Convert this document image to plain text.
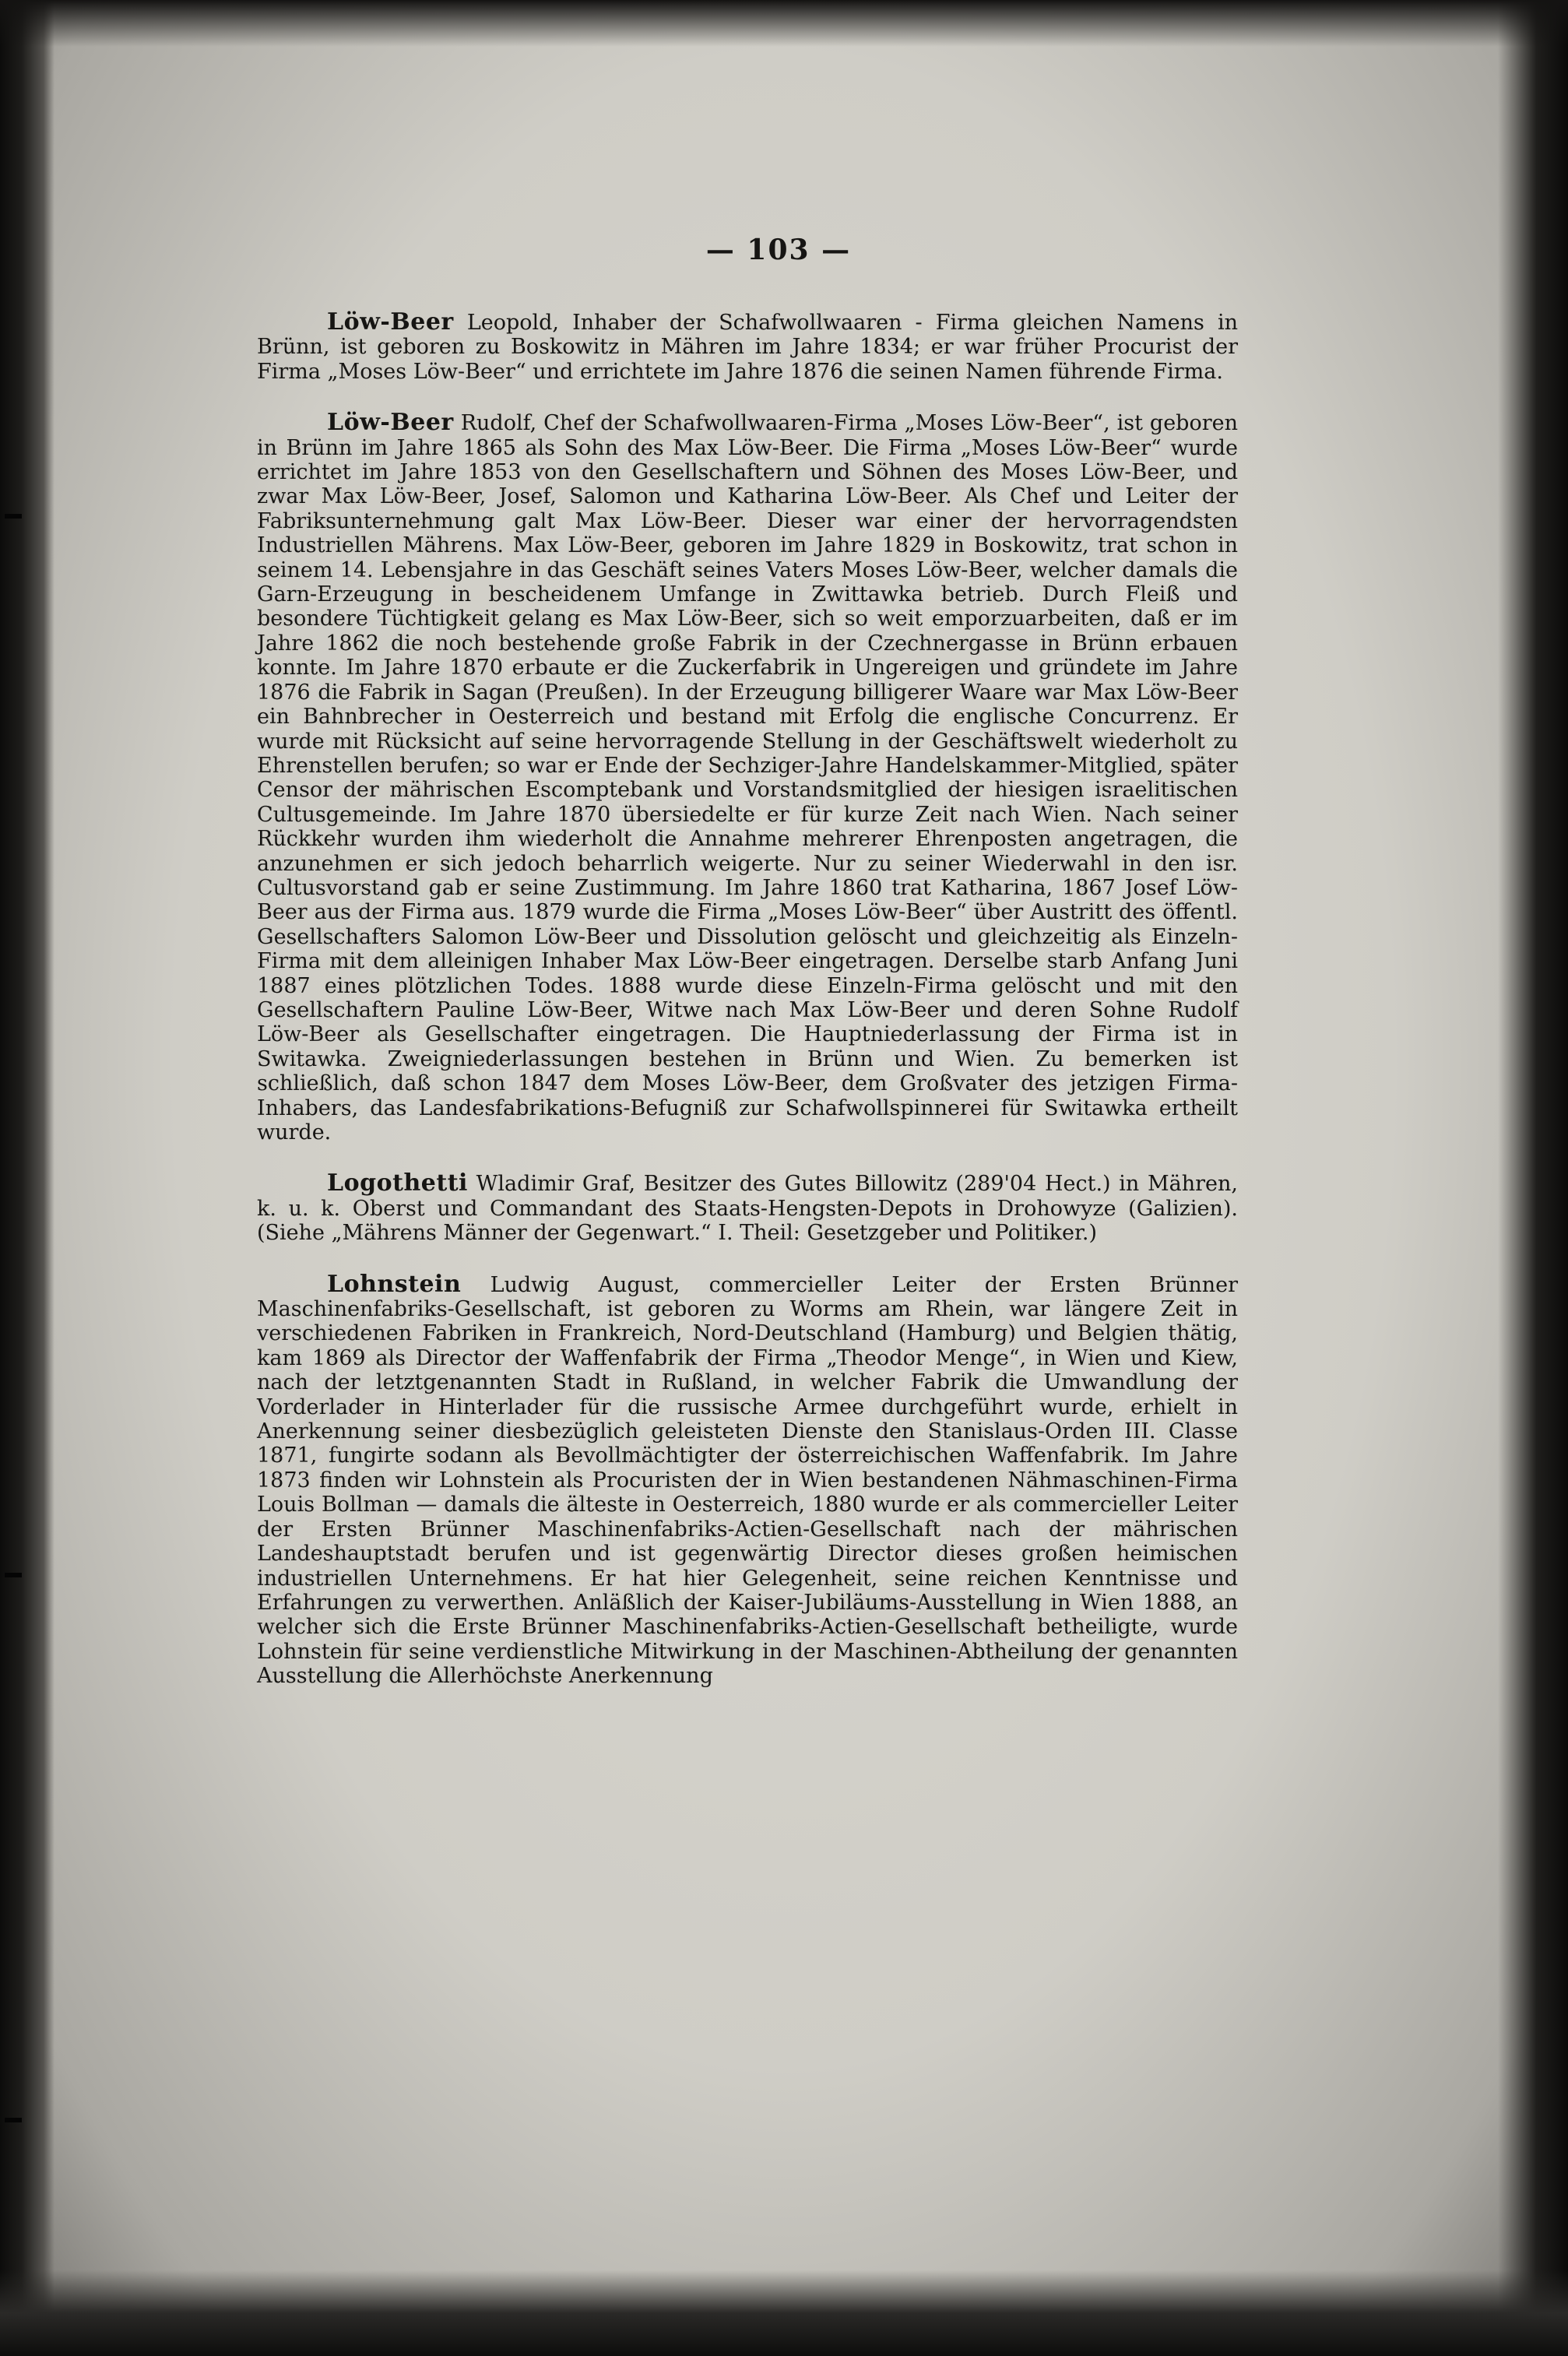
— 103 —

Löw-Beer Leopold, Inhaber der Schafwollwaaren - Firma gleichen Namens in Brünn, ist geboren zu Boskowitz in Mähren im Jahre 1834; er war früher Procurist der Firma „Moses Löw-Beer“ und errichtete im Jahre 1876 die seinen Namen führende Firma.

Löw-Beer Rudolf, Chef der Schafwollwaaren-Firma „Moses Löw-Beer“, ist geboren in Brünn im Jahre 1865 als Sohn des Max Löw-Beer. Die Firma „Moses Löw-Beer“ wurde errichtet im Jahre 1853 von den Gesellschaftern und Söhnen des Moses Löw-Beer, und zwar Max Löw-Beer, Josef, Salomon und Katharina Löw-Beer. Als Chef und Leiter der Fabriksunternehmung galt Max Löw-Beer. Dieser war einer der hervorragendsten Industriellen Mährens. Max Löw-Beer, geboren im Jahre 1829 in Boskowitz, trat schon in seinem 14. Lebensjahre in das Geschäft seines Vaters Moses Löw-Beer, welcher damals die Garn-Erzeugung in bescheidenem Umfange in Zwittawka betrieb. Durch Fleiß und besondere Tüchtigkeit gelang es Max Löw-Beer, sich so weit emporzuarbeiten, daß er im Jahre 1862 die noch bestehende große Fabrik in der Czechnergasse in Brünn erbauen konnte. Im Jahre 1870 erbaute er die Zuckerfabrik in Ungereigen und gründete im Jahre 1876 die Fabrik in Sagan (Preußen). In der Erzeugung billigerer Waare war Max Löw-Beer ein Bahnbrecher in Oesterreich und bestand mit Erfolg die englische Concurrenz. Er wurde mit Rücksicht auf seine hervorragende Stellung in der Geschäftswelt wiederholt zu Ehrenstellen berufen; so war er Ende der Sechziger-Jahre Handelskammer-Mitglied, später Censor der mährischen Escomptebank und Vorstandsmitglied der hiesigen israelitischen Cultusgemeinde. Im Jahre 1870 übersiedelte er für kurze Zeit nach Wien. Nach seiner Rückkehr wurden ihm wiederholt die Annahme mehrerer Ehrenposten angetragen, die anzunehmen er sich jedoch beharrlich weigerte. Nur zu seiner Wiederwahl in den isr. Cultusvorstand gab er seine Zustimmung. Im Jahre 1860 trat Katharina, 1867 Josef Löw-Beer aus der Firma aus. 1879 wurde die Firma „Moses Löw-Beer“ über Austritt des öffentl. Gesellschafters Salomon Löw-Beer und Dissolution gelöscht und gleichzeitig als Einzeln-Firma mit dem alleinigen Inhaber Max Löw-Beer eingetragen. Derselbe starb Anfang Juni 1887 eines plötzlichen Todes. 1888 wurde diese Einzeln-Firma gelöscht und mit den Gesellschaftern Pauline Löw-Beer, Witwe nach Max Löw-Beer und deren Sohne Rudolf Löw-Beer als Gesellschafter eingetragen. Die Hauptniederlassung der Firma ist in Switawka. Zweigniederlassungen bestehen in Brünn und Wien. Zu bemerken ist schließlich, daß schon 1847 dem Moses Löw-Beer, dem Großvater des jetzigen Firma-Inhabers, das Landesfabrikations-Befugniß zur Schafwollspinnerei für Switawka ertheilt wurde.

Logothetti Wladimir Graf, Besitzer des Gutes Billowitz (289'04 Hect.) in Mähren, k. u. k. Oberst und Commandant des Staats-Hengsten-Depots in Drohowyze (Galizien). (Siehe „Mährens Männer der Gegenwart.“ I. Theil: Gesetzgeber und Politiker.)

Lohnstein Ludwig August, commercieller Leiter der Ersten Brünner Maschinenfabriks-Gesellschaft, ist geboren zu Worms am Rhein, war längere Zeit in verschiedenen Fabriken in Frankreich, Nord-Deutschland (Hamburg) und Belgien thätig, kam 1869 als Director der Waffenfabrik der Firma „Theodor Menge“, in Wien und Kiew, nach der letztgenannten Stadt in Rußland, in welcher Fabrik die Umwandlung der Vorderlader in Hinterlader für die russische Armee durchgeführt wurde, erhielt in Anerkennung seiner diesbezüglich geleisteten Dienste den Stanislaus-Orden III. Classe 1871, fungirte sodann als Bevollmächtigter der österreichischen Waffenfabrik. Im Jahre 1873 finden wir Lohnstein als Procuristen der in Wien bestandenen Nähmaschinen-Firma Louis Bollman — damals die älteste in Oesterreich, 1880 wurde er als commercieller Leiter der Ersten Brünner Maschinenfabriks-Actien-Gesellschaft nach der mährischen Landeshauptstadt berufen und ist gegenwärtig Director dieses großen heimischen industriellen Unternehmens. Er hat hier Gelegenheit, seine reichen Kenntnisse und Erfahrungen zu verwerthen. Anläßlich der Kaiser-Jubiläums-Ausstellung in Wien 1888, an welcher sich die Erste Brünner Maschinenfabriks-Actien-Gesellschaft betheiligte, wurde Lohnstein für seine verdienstliche Mitwirkung in der Maschinen-Abtheilung der genannten Ausstellung die Allerhöchste Anerkennung
